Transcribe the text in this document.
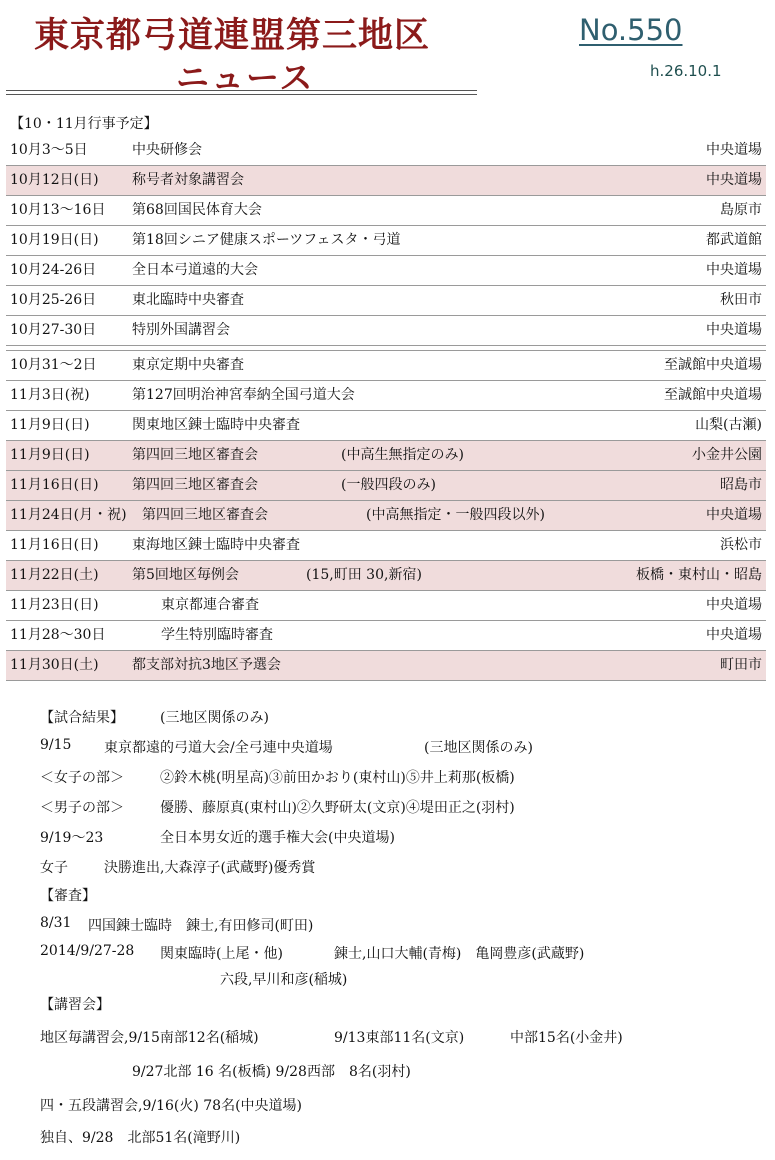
東京都弓道連盟第三地区
ニュース
No.550
h.26.10.1
【10・11月行事予定】
10月3～5日	中央研修会	中央道場
10月12日(日) 称号者対象講習会	中央道場
10月13～16日 第68回国民体育大会	島原市
10月19日(日) 第18回シニア健康スポーツフェスタ・弓道	都武道館
10月24-26日	全日本弓道遠的大会	中央道場
10月25-26日	東北臨時中央審査	秋田市
10月27-30日	特別外国講習会	中央道場
10月31～2日	東京定期中央審査	至誠館中央道場
11月3日(祝)	第127回明治神宮奉納全国弓道大会	至誠館中央道場
11月9日(日)	関東地区錬士臨時中央審査	山梨(古瀬)
11月9日(日)	第四回三地区審査会	(中高生無指定のみ)	小金井公園
11月16日(日) 第四回三地区審査会	(一般四段のみ)	昭島市
11月24日(月・祝) 第四回三地区審査会	(中高無指定・一般四段以外)	中央道場
11月16日(日) 東海地区錬士臨時中央審査	浜松市
11月22日(土) 第5回地区毎例会	(15,町田 30,新宿)	板橋・東村山・昭島
11月23日(日)	東京都連合審査	中央道場
11月28～30日	学生特別臨時審査	中央道場
11月30日(土) 都支部対抗3地区予選会	町田市
【試合結果】	(三地区関係のみ)
9/15 東京都遠的弓道大会/全弓連中央道場	(三地区関係のみ)
＜女子の部＞	②鈴木桃(明星高)③前田かおり(東村山)⑤井上莉那(板橋)
＜男子の部＞	優勝、藤原真(東村山)②久野研太(文京)④堤田正之(羽村)
9/19～23	全日本男女近的選手権大会(中央道場)
女子	決勝進出,大森淳子(武蔵野)優秀賞
【審査】
8/31 四国錬士臨時　錬士,有田修司(町田)
2014/9/27-28 関東臨時(上尾・他)	錬士,山口大輔(青梅)　亀岡豊彦(武蔵野)
六段,早川和彦(稲城)
【講習会】
地区毎講習会,9/15南部12名(稲城)	9/13東部11名(文京)	中部15名(小金井)
9/27北部 16 名(板橋) 9/28西部　8名(羽村)
四・五段講習会,9/16(火) 78名(中央道場)
独自、9/28　北部51名(滝野川)
